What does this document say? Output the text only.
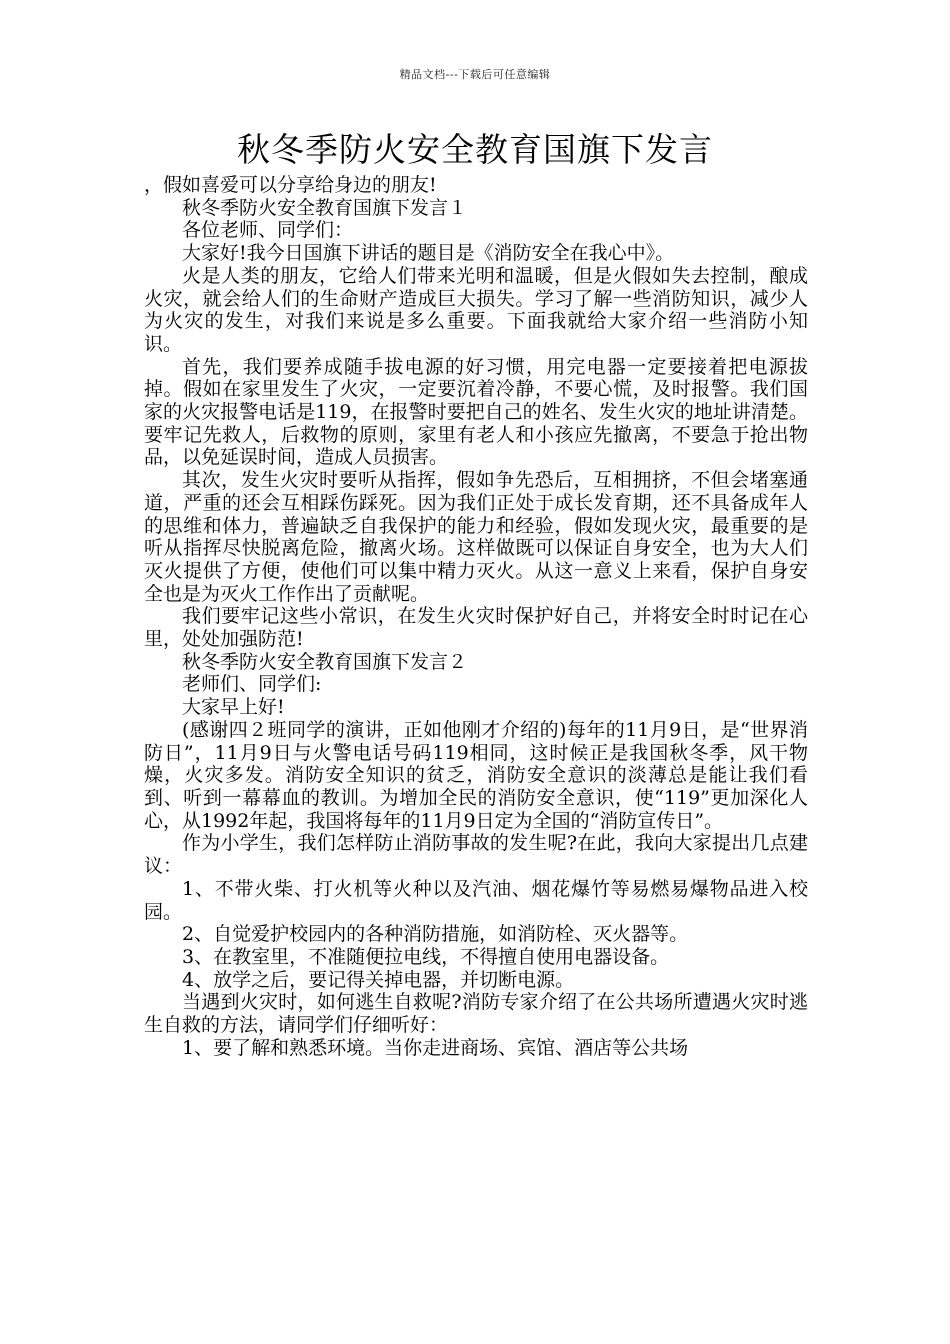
精品文档---下载后可任意编辑
秋冬季防火安全教育国旗下发言

，假如喜爱可以分享给身边的朋友!

秋冬季防火安全教育国旗下发言１

各位老师、同学们：

大家好!我今日国旗下讲话的题目是《消防安全在我心中》。

火是人类的朋友，它给人们带来光明和温暖，但是火假如失去控制，酿成火灾，就会给人们的生命财产造成巨大损失。学习了解一些消防知识，减少人为火灾的发生，对我们来说是多么重要。下面我就给大家介绍一些消防小知识。

首先，我们要养成随手拔电源的好习惯，用完电器一定要接着把电源拔掉。假如在家里发生了火灾，一定要沉着冷静，不要心慌，及时报警。我们国家的火灾报警电话是119，在报警时要把自己的姓名、发生火灾的地址讲清楚。要牢记先救人，后救物的原则，家里有老人和小孩应先撤离，不要急于抢出物品，以免延误时间，造成人员损害。

其次，发生火灾时要听从指挥，假如争先恐后，互相拥挤，不但会堵塞通道，严重的还会互相踩伤踩死。因为我们正处于成长发育期，还不具备成年人的思维和体力，普遍缺乏自我保护的能力和经验，假如发现火灾，最重要的是听从指挥尽快脱离危险，撤离火场。这样做既可以保证自身安全，也为大人们灭火提供了方便，使他们可以集中精力灭火。从这一意义上来看，保护自身安全也是为灭火工作作出了贡献呢。

我们要牢记这些小常识，在发生火灾时保护好自己，并将安全时时记在心里，处处加强防范!

秋冬季防火安全教育国旗下发言２

老师们、同学们:

大家早上好!

(感谢四２班同学的演讲，正如他刚才介绍的)每年的11月9日，是“世界消防日”，11月9日与火警电话号码119相同，这时候正是我国秋冬季，风干物燥，火灾多发。消防安全知识的贫乏，消防安全意识的淡薄总是能让我们看到、听到一幕幕血的教训。为增加全民的消防安全意识，使“119”更加深化人心，从1992年起，我国将每年的11月9日定为全国的“消防宣传日”。

作为小学生，我们怎样防止消防事故的发生呢?在此，我向大家提出几点建议：

1、不带火柴、打火机等火种以及汽油、烟花爆竹等易燃易爆物品进入校园。

2、自觉爱护校园内的各种消防措施，如消防栓、灭火器等。

3、在教室里，不准随便拉电线，不得擅自使用电器设备。

4、放学之后，要记得关掉电器，并切断电源。

当遇到火灾时，如何逃生自救呢?消防专家介绍了在公共场所遭遇火灾时逃生自救的方法，请同学们仔细听好：

1、要了解和熟悉环境。当你走进商场、宾馆、酒店等公共场
